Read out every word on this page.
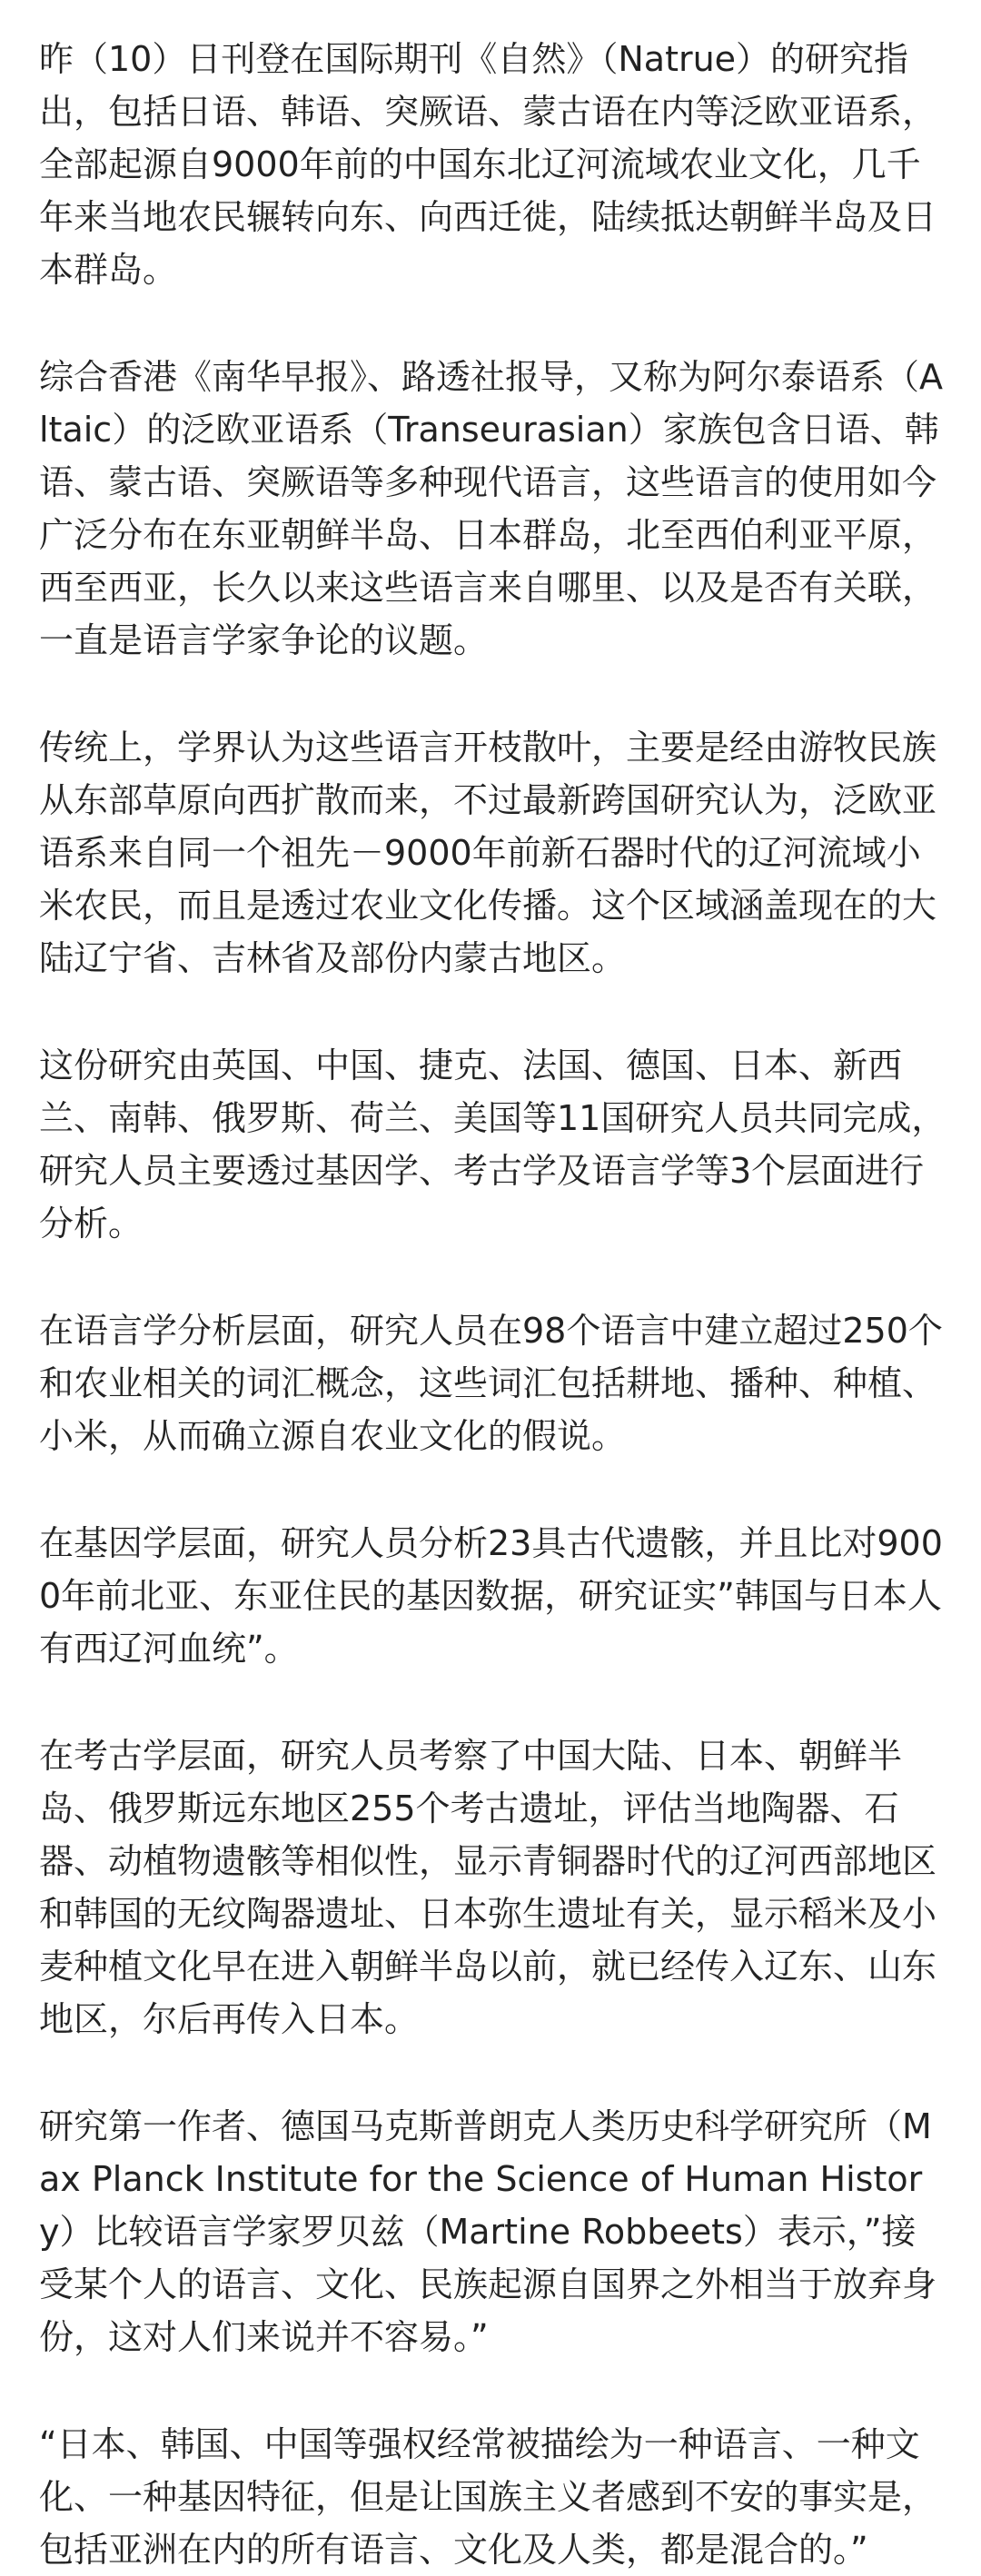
昨（10）日刊登在国际期刊《自然》（Natrue）的研究指出，包括日语、韩语、突厥语、蒙古语在内等泛欧亚语系，全部起源自9000年前的中国东北辽河流域农业文化，几千年来当地农民辗转向东、向西迁徙，陆续抵达朝鲜半岛及日本群岛。

综合香港《南华早报》、路透社报导，又称为阿尔泰语系（Altaic）的泛欧亚语系（Transeurasian）家族包含日语、韩语、蒙古语、突厥语等多种现代语言，这些语言的使用如今广泛分布在东亚朝鲜半岛、日本群岛，北至西伯利亚平原，西至西亚，长久以来这些语言来自哪里、以及是否有关联，一直是语言学家争论的议题。

传统上，学界认为这些语言开枝散叶，主要是经由游牧民族从东部草原向西扩散而来，不过最新跨国研究认为，泛欧亚语系来自同一个祖先－9000年前新石器时代的辽河流域小米农民，而且是透过农业文化传播。这个区域涵盖现在的大陆辽宁省、吉林省及部份内蒙古地区。

这份研究由英国、中国、捷克、法国、德国、日本、新西兰、南韩、俄罗斯、荷兰、美国等11国研究人员共同完成，研究人员主要透过基因学、考古学及语言学等3个层面进行分析。

在语言学分析层面，研究人员在98个语言中建立超过250个和农业相关的词汇概念，这些词汇包括耕地、播种、种植、小米，从而确立源自农业文化的假说。

在基因学层面，研究人员分析23具古代遗骸，并且比对9000年前北亚、东亚住民的基因数据，研究证实”韩国与日本人有西辽河血统”。

在考古学层面，研究人员考察了中国大陆、日本、朝鲜半岛、俄罗斯远东地区255个考古遗址，评估当地陶器、石器、动植物遗骸等相似性，显示青铜器时代的辽河西部地区和韩国的无纹陶器遗址、日本弥生遗址有关，显示稻米及小麦种植文化早在进入朝鲜半岛以前，就已经传入辽东、山东地区，尔后再传入日本。

研究第一作者、德国马克斯普朗克人类历史科学研究所（Max Planck Institute for the Science of Human History）比较语言学家罗贝兹（Martine Robbeets）表示，”接受某个人的语言、文化、民族起源自国界之外相当于放弃身份，这对人们来说并不容易。”

“日本、韩国、中国等强权经常被描绘为一种语言、一种文化、一种基因特征，但是让国族主义者感到不安的事实是，包括亚洲在内的所有语言、文化及人类，都是混合的。”
